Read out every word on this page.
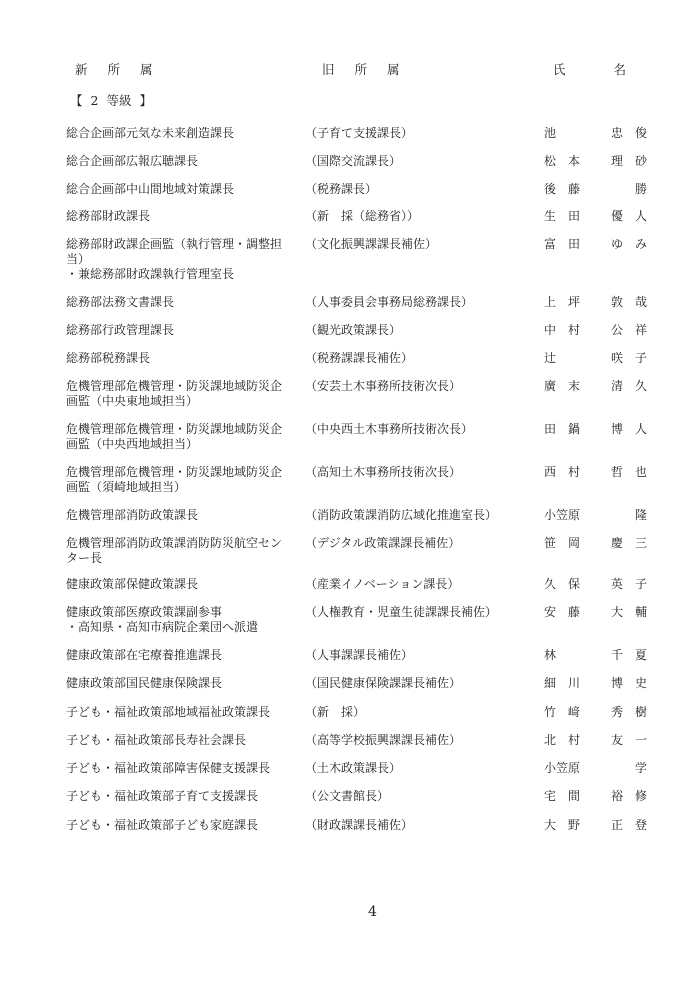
新 所 属	旧 所 属	氏	名
【 2 等級 】
総合企画部元気な未来創造課長	（子育て支援課長）	池	忠 俊
総合企画部広報広聴課長	（国際交流課長）	松 本	理 砂
総合企画部中山間地域対策課長	（税務課長）	後 藤	勝
総務部財政課長	（新　採（総務省））	生 田	優 人
総務部財政課企画監（執行管理・調整担
当）
・兼総務部財政課執行管理室長
（文化振興課課長補佐）	富 田	ゆ み
総務部法務文書課長	（人事委員会事務局総務課長）	上 坪	敦 哉
総務部行政管理課長	（観光政策課長）	中 村	公 祥
総務部税務課長	（税務課課長補佐）	辻	咲 子
危機管理部危機管理・防災課地域防災企
画監（中央東地域担当）
（安芸土木事務所技術次長）	廣 末	清 久
危機管理部危機管理・防災課地域防災企
画監（中央西地域担当）
（中央西土木事務所技術次長）	田 鍋	博 人
危機管理部危機管理・防災課地域防災企
画監（須崎地域担当）
（高知土木事務所技術次長）	西 村	哲 也
危機管理部消防政策課長	（消防政策課消防広域化推進室長）	小笠原	隆
危機管理部消防政策課消防防災航空セン
ター長
（デジタル政策課課長補佐）	笹 岡	慶 三
健康政策部保健政策課長	（産業イノベーション課長）	久 保	英 子
健康政策部医療政策課副参事
・高知県・高知市病院企業団へ派遣
（人権教育・児童生徒課課長補佐）	安 藤	大 輔
健康政策部在宅療養推進課長	（人事課課長補佐）	林	千 夏
健康政策部国民健康保険課長	（国民健康保険課課長補佐）	細 川	博 史
子ども・福祉政策部地域福祉政策課長	（新　採）	竹 﨑	秀 樹
子ども・福祉政策部長寿社会課長	（高等学校振興課課長補佐）	北 村	友 一
子ども・福祉政策部障害保健支援課長	（土木政策課長）	小笠原	学
子ども・福祉政策部子育て支援課長	（公文書館長）	宅 間	裕 修
子ども・福祉政策部子ども家庭課長	（財政課課長補佐）	大 野	正 登
4
